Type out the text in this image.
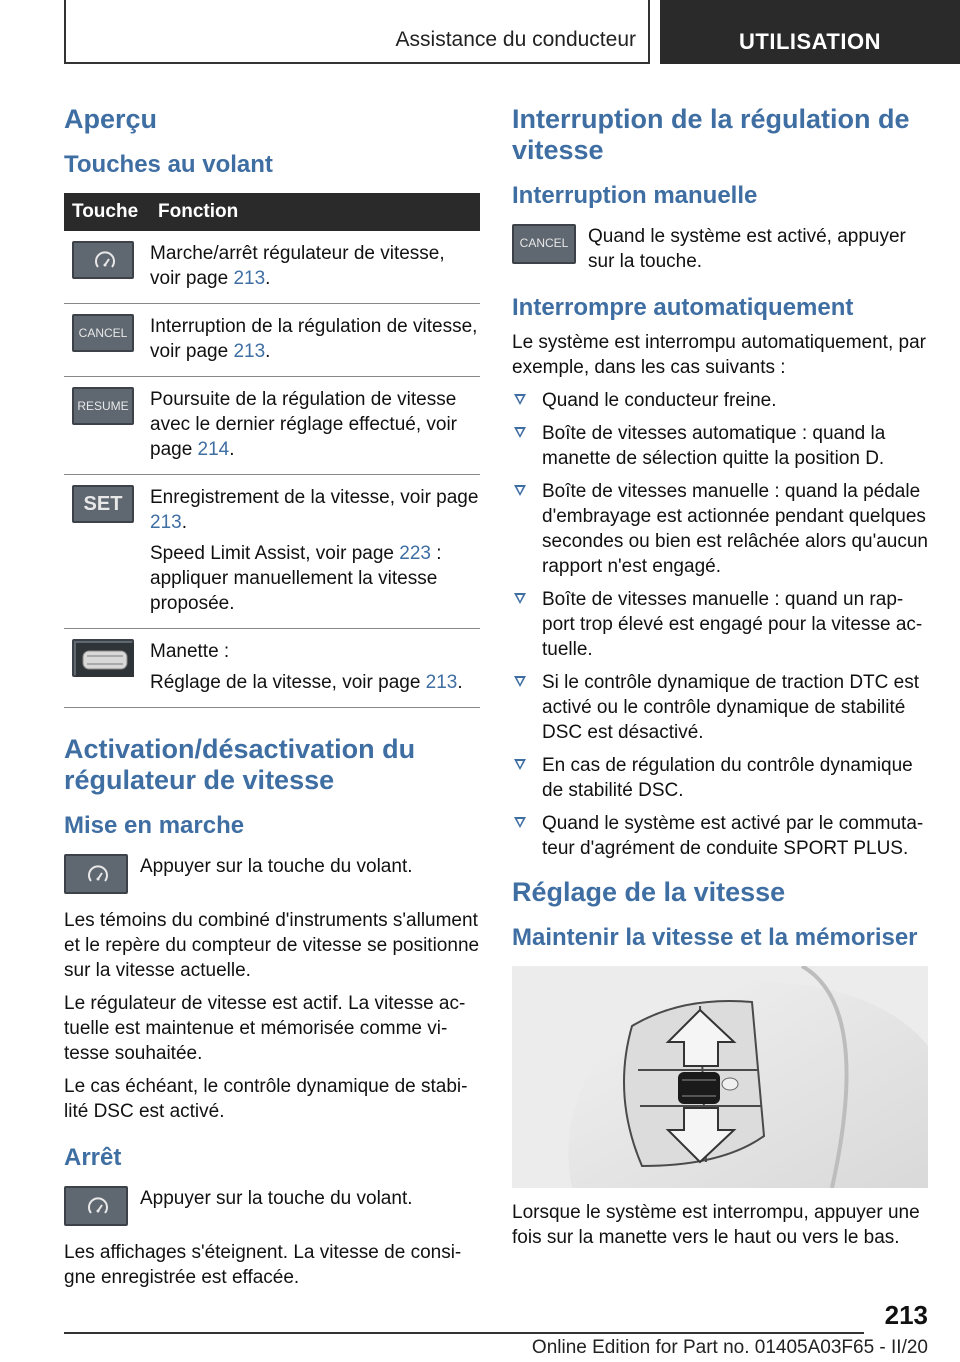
Assistance du conducteur	UTILISATION
Aperçu
Touches au volant
Touche	Fonction

Marche/arrêt régulateur de vitesse, voir page 213.

CANCEL	Interruption de la régulation de vitesse, voir page 213.

RESUME	Poursuite de la régulation de vitesse avec le dernier réglage effectué, voir page 214.

SET	Enregistrement de la vitesse, voir page 213.

Speed Limit Assist, voir page 223 : appliquer manuellement la vitesse proposée.

Manette :

Réglage de la vitesse, voir page 213.

Activation/désactivation du régulateur de vitesse
Mise en marche

Appuyer sur la touche du volant.

Les témoins du combiné d'instruments s'allument et le repère du compteur de vitesse se positionne sur la vitesse actuelle.

Le régulateur de vitesse est actif. La vitesse actuelle est maintenue et mémorisée comme vitesse souhaitée.

Le cas échéant, le contrôle dynamique de stabilité DSC est activé.

Arrêt

Appuyer sur la touche du volant.

Les affichages s'éteignent. La vitesse de consigne enregistrée est effacée.

Interruption de la régulation de vitesse
Interruption manuelle
CANCEL Quand le système est activé, appuyer sur la touche.

Interrompre automatiquement

Le système est interrompu automatiquement, par exemple, dans les cas suivants :

Quand le conducteur freine.
Boîte de vitesses automatique : quand la manette de sélection quitte la position D.
Boîte de vitesses manuelle : quand la pédale d'embrayage est actionnée pendant quelques secondes ou bien est relâchée alors qu'aucun rapport n'est engagé.
Boîte de vitesses manuelle : quand un rapport trop élevé est engagé pour la vitesse actuelle.
Si le contrôle dynamique de traction DTC est activé ou le contrôle dynamique de stabilité DSC est désactivé.
En cas de régulation du contrôle dynamique de stabilité DSC.
Quand le système est activé par le commutateur d'agrément de conduite SPORT PLUS.
Réglage de la vitesse
Maintenir la vitesse et la mémoriser

Lorsque le système est interrompu, appuyer une fois sur la manette vers le haut ou vers le bas.

213
Online Edition for Part no. 01405A03F65 - II/20
